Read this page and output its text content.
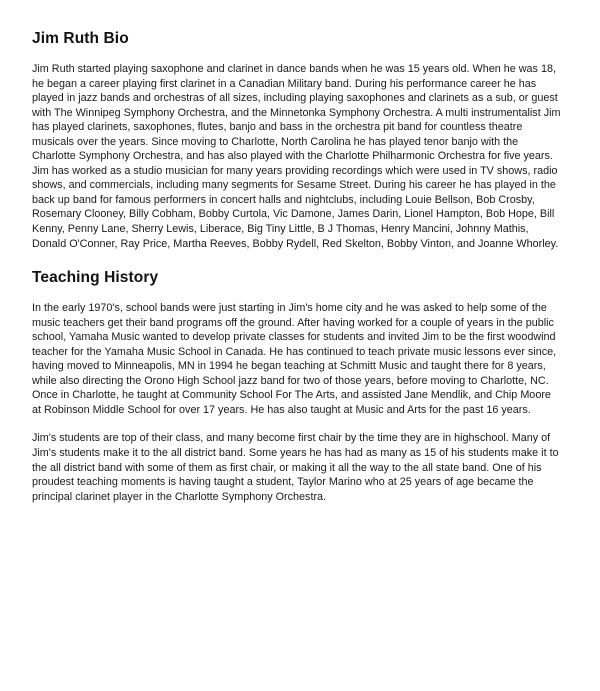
Jim Ruth Bio

Jim Ruth started playing saxophone and clarinet in dance bands when he was 15 years old. When he was 18, he began a career playing first clarinet in a Canadian Military band. During his performance career he has played in jazz bands and orchestras of all sizes, including playing saxophones and clarinets as a sub, or guest with The Winnipeg Symphony Orchestra, and the Minnetonka Symphony Orchestra. A multi instrumentalist Jim has played clarinets, saxophones, flutes, banjo and bass in the orchestra pit band for countless theatre musicals over the years. Since moving to Charlotte, North Carolina he has played tenor banjo with the Charlotte Symphony Orchestra, and has also played with the Charlotte Philharmonic Orchestra for five years. Jim has worked as a studio musician for many years providing recordings which were used in TV shows, radio shows, and commercials, including many segments for Sesame Street. During his career he has played in the back up band for famous performers in concert halls and nightclubs, including Louie Bellson, Bob Crosby, Rosemary Clooney, Billy Cobham, Bobby Curtola, Vic Damone, James Darin, Lionel Hampton, Bob Hope, Bill Kenny, Penny Lane, Sherry Lewis, Liberace, Big Tiny Little, B J Thomas, Henry Mancini, Johnny Mathis, Donald O'Conner, Ray Price, Martha Reeves, Bobby Rydell, Red Skelton, Bobby Vinton, and Joanne Whorley.

Teaching History

In the early 1970's, school bands were just starting in Jim's home city and he was asked to help some of the music teachers get their band programs off the ground. After having worked for a couple of years in the public school, Yamaha Music wanted to develop private classes for students and invited Jim to be the first woodwind teacher for the Yamaha Music School in Canada. He has continued to teach private music lessons ever since, having moved to Minneapolis, MN in 1994 he began teaching at Schmitt Music and taught there for 8 years, while also directing the Orono High School jazz band for two of those years, before moving to Charlotte, NC. Once in Charlotte, he taught at Community School For The Arts, and assisted Jane Mendlik, and Chip Moore at Robinson Middle School for over 17 years. He has also taught at Music and Arts for the past 16 years.

Jim's students are top of their class, and many become first chair by the time they are in highschool. Many of Jim's students make it to the all district band. Some years he has had as many as 15 of his students make it to the all district band with some of them as first chair, or making it all the way to the all state band. One of his proudest teaching moments is having taught a student, Taylor Marino who at 25 years of age became the principal clarinet player in the Charlotte Symphony Orchestra.
